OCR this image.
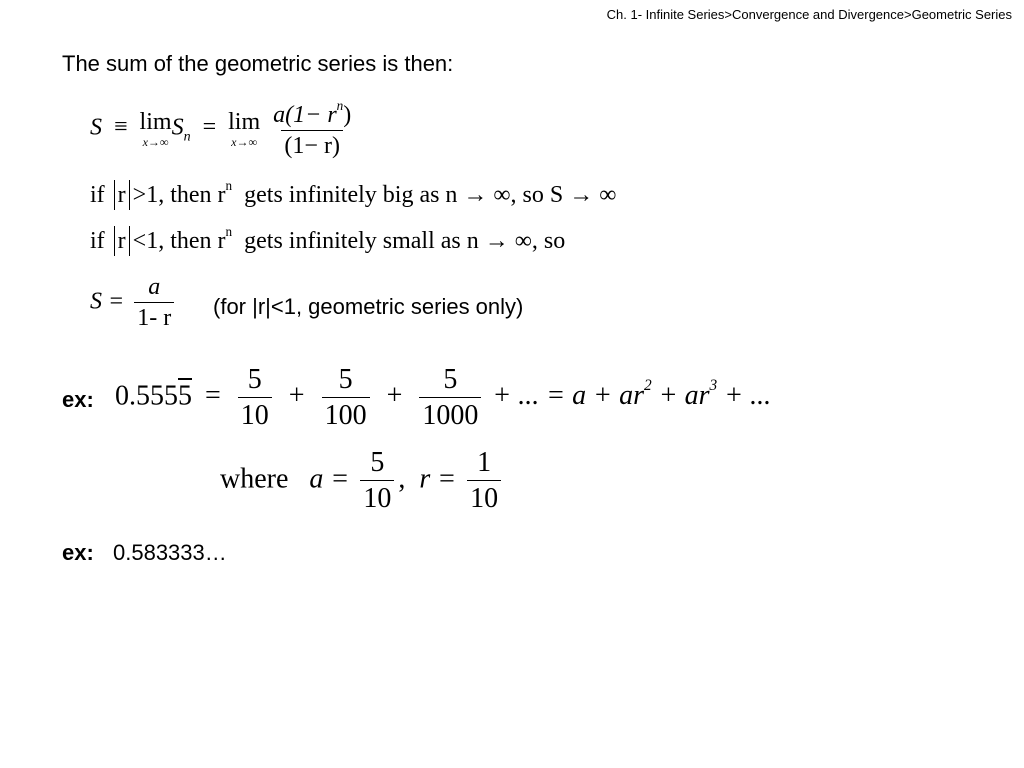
Ch. 1- Infinite Series>Convergence and Divergence>Geometric Series
The sum of the geometric series is then:
S ≡ lim
x→∞
$S_n = \lim$
x→∞
$\frac{a(1- r^n)}{(1- r)}$
if r >1, then $r^n$ gets infinitely big as n → ∞, so S → ∞
if r <1, then $r^n$ gets infinitely small as n → ∞, so
$S = \frac{a}{1- r} (for$ |r|<1, geometric series only)
ex: $0.5555 = \frac{5}{10} + \frac{5}{100} + \frac{5}{1000}$ + ... = $a + ar^2 + ar^3$ + ...
where $a = \frac{5}{10}$ , $r = \frac{1}{10}$
ex: 0.583333…
